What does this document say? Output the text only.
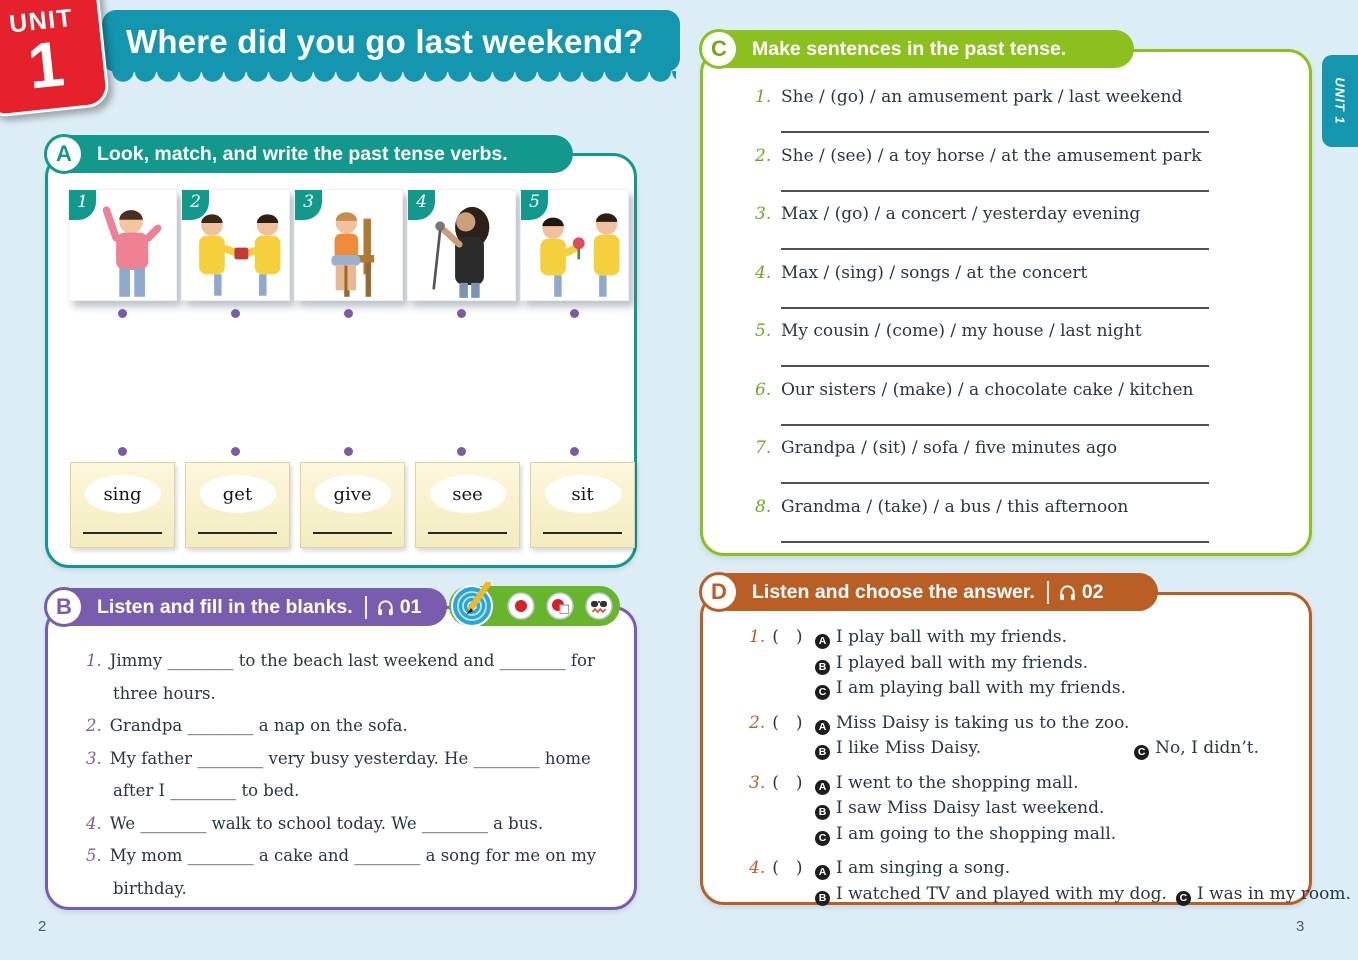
Where did you go last weekend?
UNIT
1	UNIT 1
A	Look, match, and write the past tense verbs.
1	2	3	4	5
sing	get	give	see	sit
B	Listen and fill in the blanks. 01
1. Jimmy ________ to the beach last weekend and ________ for three hours.
2. Grandpa ________ a nap on the sofa.
3. My father ________ very busy yesterday. He ________ home after I ________ to bed.
4. We ________ walk to school today. We ________ a bus.
5. My mom ________ a cake and ________ a song for me on my birthday.
C	Make sentences in the past tense.
1. She / (go) / an amusement park / last weekend
2. She / (see) / a toy horse / at the amusement park
3. Max / (go) / a concert / yesterday evening
4. Max / (sing) / songs / at the concert
5. My cousin / (come) / my house / last night
6. Our sisters / (make) / a chocolate cake / kitchen
7. Grandpa / (sit) / sofa / five minutes ago
8. Grandma / (take) / a bus / this afternoon
D	Listen and choose the answer. 02
1. ( )	A I play ball with my friends.
B I played ball with my friends.
C I am playing ball with my friends.
2. ( )	A Miss Daisy is taking us to the zoo.
B I like Miss Daisy.	C No, I didn’t.
3. ( )	A I went to the shopping mall.
B I saw Miss Daisy last weekend.
C I am going to the shopping mall.
4. ( )	A I am singing a song.
B I watched TV and played with my dog.	C I was in my room.
2	3
